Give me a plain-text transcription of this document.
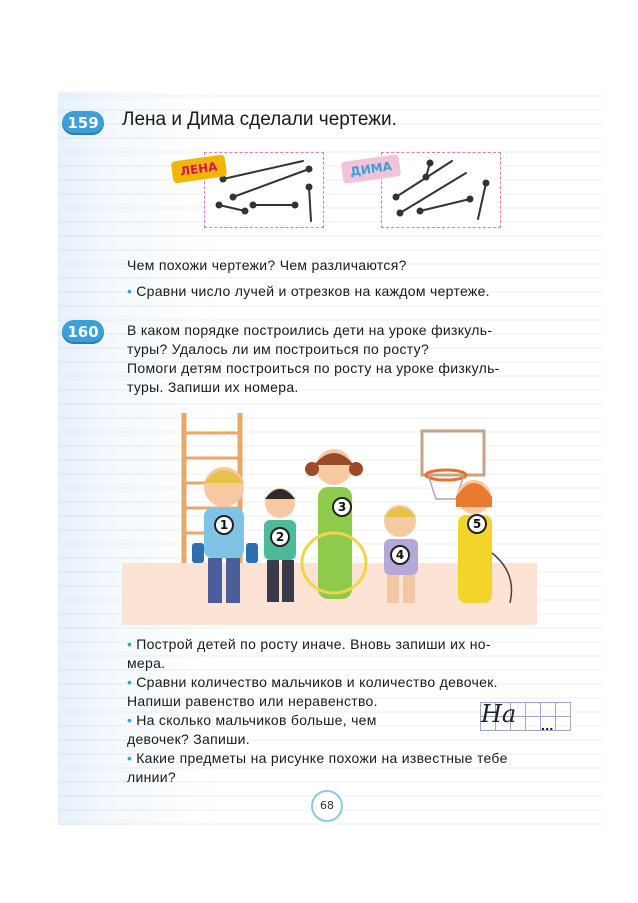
159 Лена и Дима сделали чертежи.
ЛЕНА	ДИМА
Чем похожи чертежи? Чем различаются?
• Сравни число лучей и отрезков на каждом чертеже.
160	В каком порядке построились дети на уроке физкуль-
туры? Удалось ли им построиться по росту?
Помоги детям построиться по росту на уроке физкуль-
туры. Запиши их номера.
1
2
3
4
5
• Построй детей по росту иначе. Вновь запиши их но-
мера.
• Сравни количество мальчиков и количество девочек.
Напиши равенство или неравенство.
• На сколько мальчиков больше, чем
девочек? Запиши.
На ...
• Какие предметы на рисунке похожи на известные тебе
линии?
68
